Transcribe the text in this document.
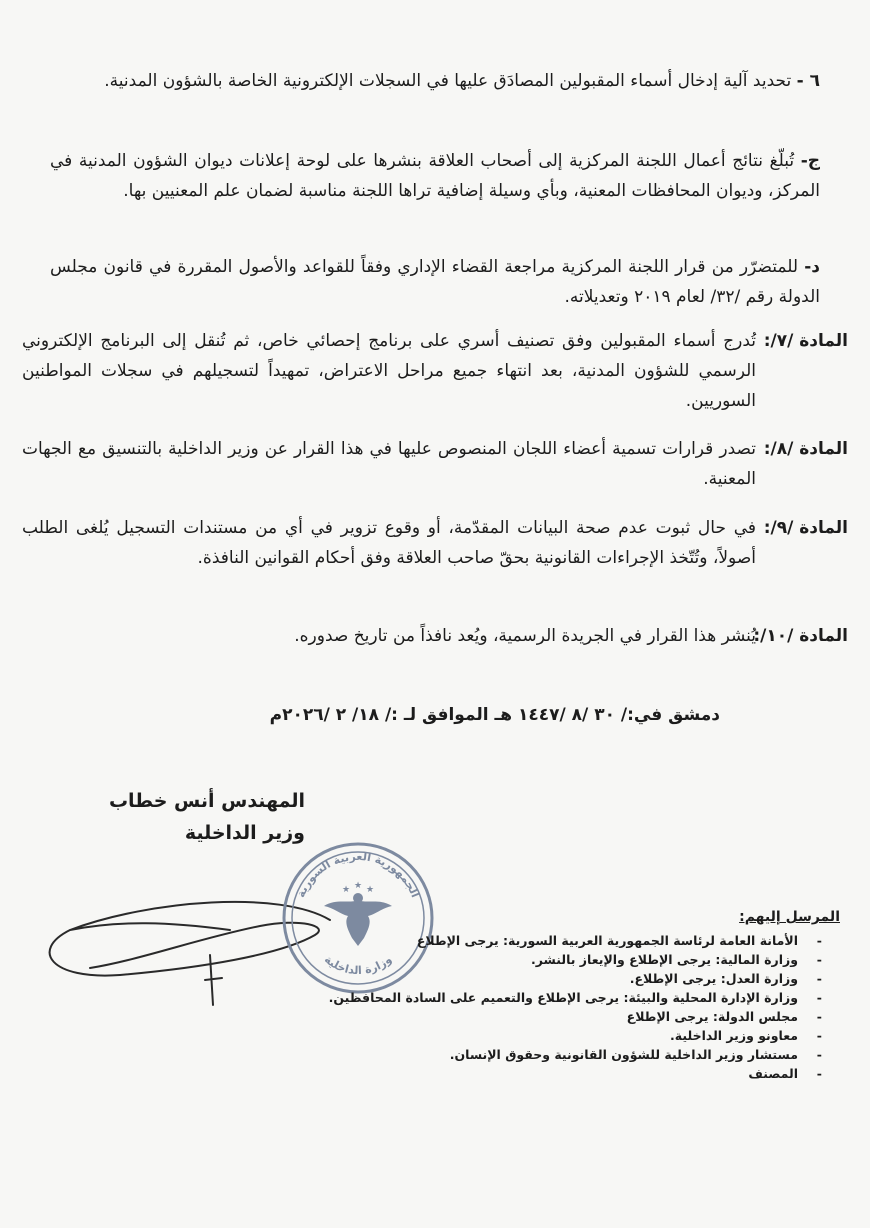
٦ - تحديد آلية إدخال أسماء المقبولين المصادَق عليها في السجلات الإلكترونية الخاصة بالشؤون المدنية.
ج- تُبلّغ نتائج أعمال اللجنة المركزية إلى أصحاب العلاقة بنشرها على لوحة إعلانات ديوان الشؤون المدنية في المركز، وديوان المحافظات المعنية، وبأي وسيلة إضافية تراها اللجنة مناسبة لضمان علم المعنيين بها.
د- للمتضرّر من قرار اللجنة المركزية مراجعة القضاء الإداري وفقاً للقواعد والأصول المقررة في قانون مجلس الدولة رقم /٣٢/ لعام ٢٠١٩ وتعديلاته.
المادة /٧/:
تُدرج أسماء المقبولين وفق تصنيف أسري على برنامج إحصائي خاص، ثم تُنقل إلى البرنامج الإلكتروني الرسمي للشؤون المدنية، بعد انتهاء جميع مراحل الاعتراض، تمهيداً لتسجيلهم في سجلات المواطنين السوريين.
المادة /٨/:
تصدر قرارات تسمية أعضاء اللجان المنصوص عليها في هذا القرار عن وزير الداخلية بالتنسيق مع الجهات المعنية.
المادة /٩/:
في حال ثبوت عدم صحة البيانات المقدّمة، أو وقوع تزوير في أي من مستندات التسجيل يُلغى الطلب أصولاً، وتُتّخذ الإجراءات القانونية بحقّ صاحب العلاقة وفق أحكام القوانين النافذة.
المادة /١٠/:
يُنشر هذا القرار في الجريدة الرسمية، ويُعد نافذاً من تاريخ صدوره.
دمشق في:/ ٣٠ /٨ /١٤٤٧ هـ الموافق لـ :/ ١٨/ ٢ /٢٠٢٦م
المهندس أنس خطاب
وزير الداخلية
الجمهورية العربية السورية
وزارة الداخلية
★ ★ ★
المرسل إليهم:
- الأمانة العامة لرئاسة الجمهورية العربية السورية: يرجى الإطلاع
- وزارة المالية: يرجى الإطلاع والإيعاز بالنشر.
- وزارة العدل: يرجى الإطلاع.
- وزارة الإدارة المحلية والبيئة: يرجى الإطلاع والتعميم على السادة المحافظين.
- مجلس الدولة: يرجى الإطلاع
- معاونو وزير الداخلية.
- مستشار وزير الداخلية للشؤون القانونية وحقوق الإنسان.
- المصنف
